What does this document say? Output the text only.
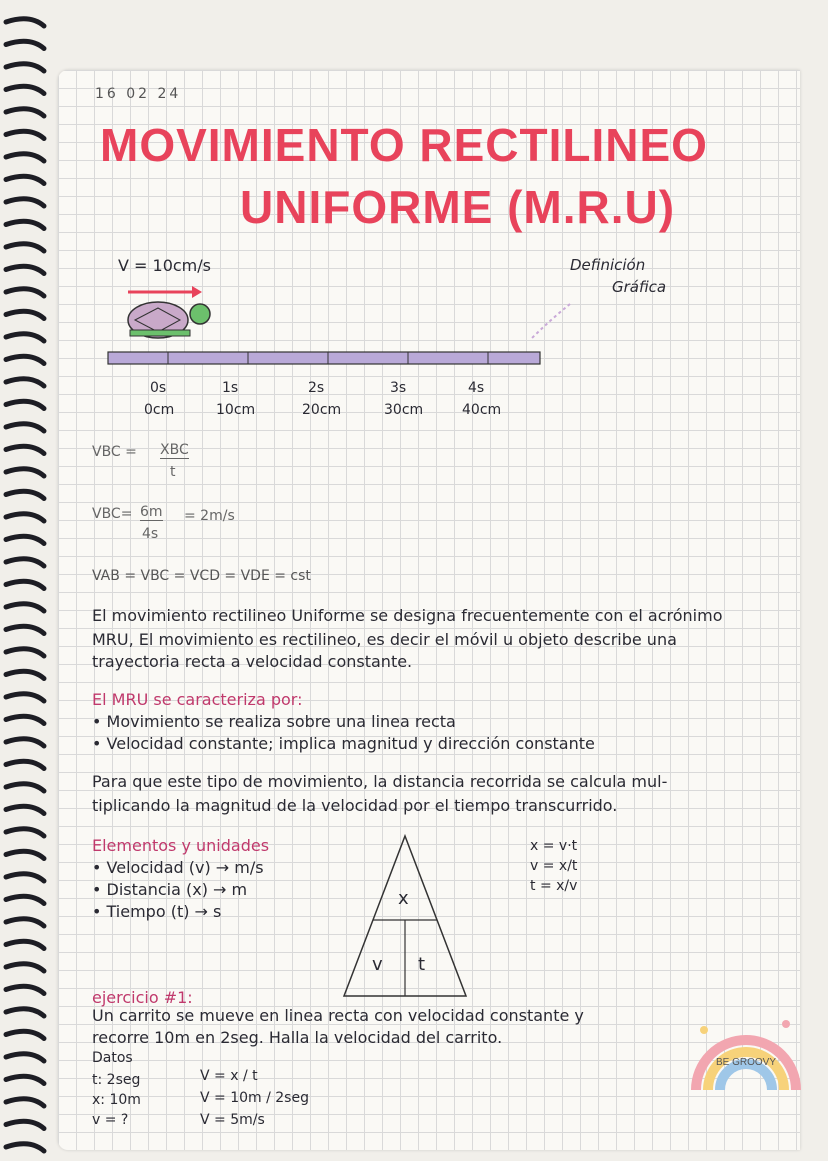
16 02 24
MOVIMIENTO RECTILINEO
UNIFORME (M.R.U)
V = 10cm/s	Definición
Gráfica
0s
0cm
1s
10cm
2s
20cm
3s
30cm
4s
40cm
VBC = XBC
t
VBC= 6m
4s
= 2m/s
VAB = VBC = VCD = VDE = cst
El movimiento rectilineo Uniforme se designa frecuentemente con el acrónimo
MRU, El movimiento es rectilineo, es decir el móvil u objeto describe una
trayectoria recta a velocidad constante.
El MRU se caracteriza por:
• Movimiento se realiza sobre una linea recta
• Velocidad constante; implica magnitud y dirección constante
Para que este tipo de movimiento, la distancia recorrida se calcula mul-
tiplicando la magnitud de la velocidad por el tiempo transcurrido.
Elementos y unidades
• Velocidad (v) → m/s
• Distancia (x) → m
• Tiempo (t) → s
x
v t
x = v·t
v = x/t
t = x/v
ejercicio #1:
Un carrito se mueve en linea recta con velocidad constante y
recorre 10m en 2seg. Halla la velocidad del carrito.
Datos
t: 2seg
x: 10m
v = ?
V = x / t
V = 10m / 2seg
V = 5m/s
BE GROOVY
